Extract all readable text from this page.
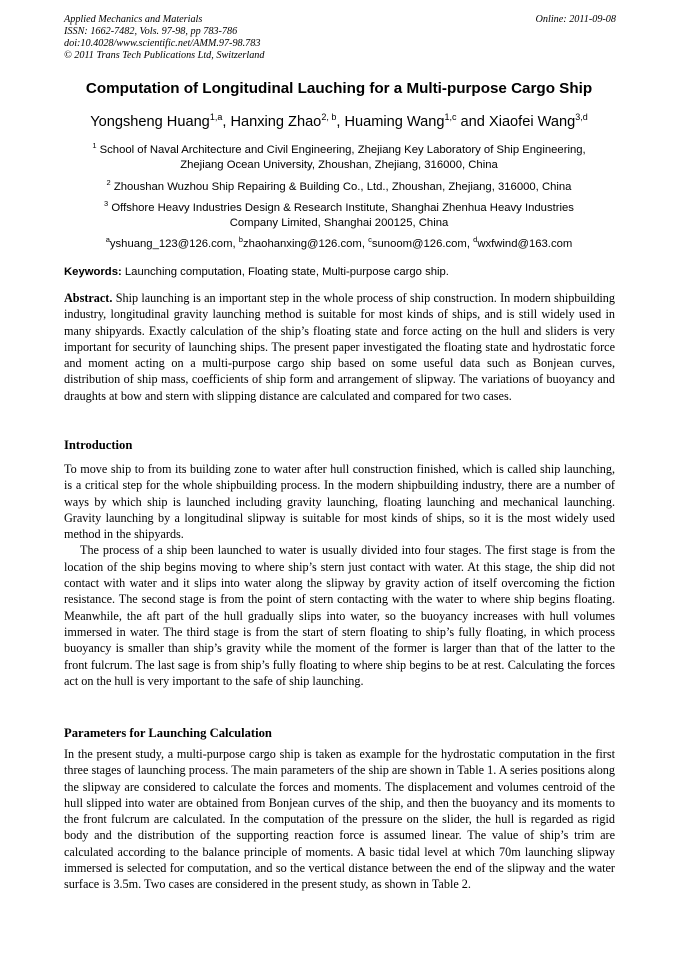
Applied Mechanics and Materials
ISSN: 1662-7482, Vols. 97-98, pp 783-786
doi:10.4028/www.scientific.net/AMM.97-98.783
© 2011 Trans Tech Publications Ltd, Switzerland
Online: 2011-09-08
Computation of Longitudinal Lauching for a Multi-purpose Cargo Ship
Yongsheng Huang$^{1,a}$, Hanxing Zhao$^{2, b}$, Huaming Wang$^{1,c}$ and Xiaofei Wang$^{3,d}$
$^1$ School of Naval Architecture and Civil Engineering, Zhejiang Key Laboratory of Ship Engineering,
Zhejiang Ocean University, Zhoushan, Zhejiang, 316000, China
$^2$ Zhoushan Wuzhou Ship Repairing & Building Co., Ltd., Zhoushan, Zhejiang, 316000, China
$^3$ Offshore Heavy Industries Design & Research Institute, Shanghai Zhenhua Heavy Industries
Company Limited, Shanghai 200125, China
$^a$yshuang_123@126.com, $^b$zhaohanxing@126.com, $^c$sunoom@126.com, $^d$wxfwind@163.com
Keywords: Launching computation, Floating state, Multi-purpose cargo ship.

Abstract. Ship launching is an important step in the whole process of ship construction. In modern shipbuilding industry, longitudinal gravity launching method is suitable for most kinds of ships, and is still widely used in many shipyards. Exactly calculation of the ship’s floating state and force acting on the hull and sliders is very important for security of launching ships. The present paper investigated the floating state and hydrostatic force and moment acting on a multi-purpose cargo ship based on some useful data such as Bonjean curves, distribution of ship mass, coefficients of ship form and arrangement of slipway. The variations of buoyancy and draughts at bow and stern with slipping distance are calculated and compared for two cases.

Introduction

To move ship to from its building zone to water after hull construction finished, which is called ship launching, is a critical step for the whole shipbuilding process. In the modern shipbuilding industry, there are a number of ways by which ship is launched including gravity launching, floating launching and mechanical launching. Gravity launching by a longitudinal slipway is suitable for most kinds of ships, so it is the most widely used method in the shipyards.

The process of a ship been launched to water is usually divided into four stages. The first stage is from the location of the ship begins moving to where ship’s stern just contact with water. At this stage, the ship did not contact with water and it slips into water along the slipway by gravity action of itself overcoming the fiction resistance. The second stage is from the point of stern contacting with the water to where ship begins floating. Meanwhile, the aft part of the hull gradually slips into water, so the buoyancy increases with hull volumes immersed in water. The third stage is from the start of stern floating to ship’s fully floating, in which process buoyancy is smaller than ship’s gravity while the moment of the former is larger than that of the latter to the front fulcrum. The last sage is from ship’s fully floating to where ship begins to be at rest. Calculating the forces act on the hull is very important to the safe of ship launching.

Parameters for Launching Calculation

In the present study, a multi-purpose cargo ship is taken as example for the hydrostatic computation in the first three stages of launching process. The main parameters of the ship are shown in Table 1. A series positions along the slipway are considered to calculate the forces and moments. The displacement and volumes centroid of the hull slipped into water are obtained from Bonjean curves of the ship, and then the buoyancy and its moments to the front fulcrum are calculated. In the computation of the pressure on the slider, the hull is regarded as rigid body and the distribution of the supporting reaction force is assumed linear. The value of ship’s trim are calculated according to the balance principle of moments. A basic tidal level at which 70m launching slipway immersed is selected for computation, and so the vertical distance between the end of the slipway and the water surface is 3.5m. Two cases are considered in the present study, as shown in Table 2.
